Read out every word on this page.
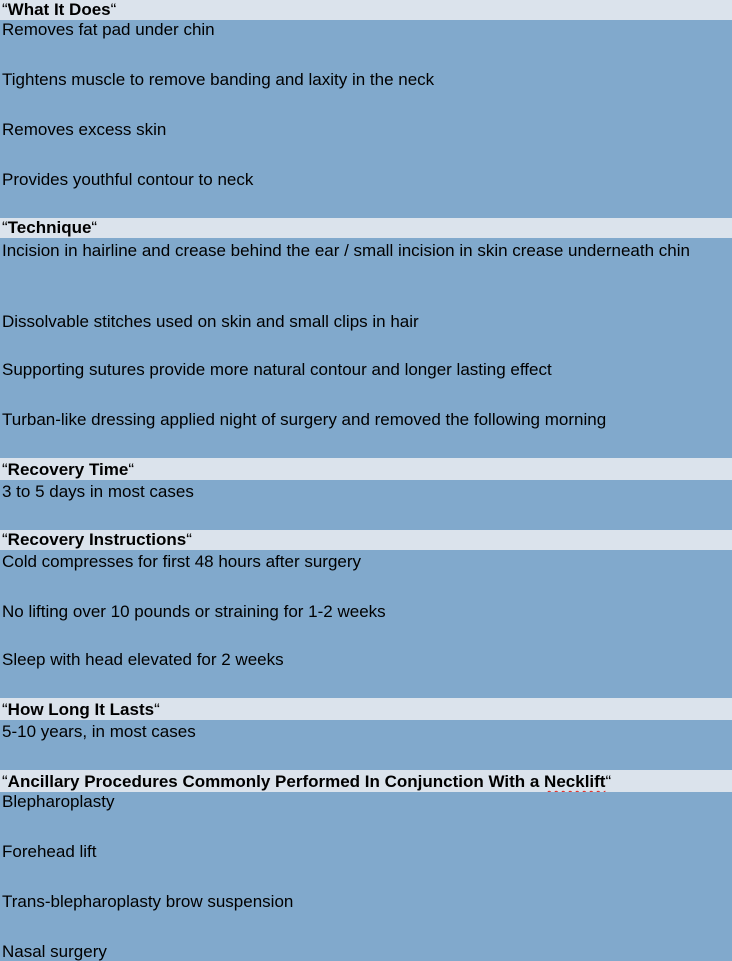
“What It Does“
Removes fat pad under chin
Tightens muscle to remove banding and laxity in the neck
Removes excess skin
Provides youthful contour to neck
“Technique“
Incision in hairline and crease behind the ear / small incision in skin crease underneath chin
Dissolvable stitches used on skin and small clips in hair
Supporting sutures provide more natural contour and longer lasting effect
Turban-like dressing applied night of surgery and removed the following morning
“Recovery Time“
3 to 5 days in most cases
“Recovery Instructions“
Cold compresses for first 48 hours after surgery
No lifting over 10 pounds or straining for 1-2 weeks
Sleep with head elevated for 2 weeks
“How Long It Lasts“
5-10 years, in most cases
“Ancillary Procedures Commonly Performed In Conjunction With a Necklift“
Blepharoplasty
Forehead lift
Trans-blepharoplasty brow suspension
Nasal surgery
